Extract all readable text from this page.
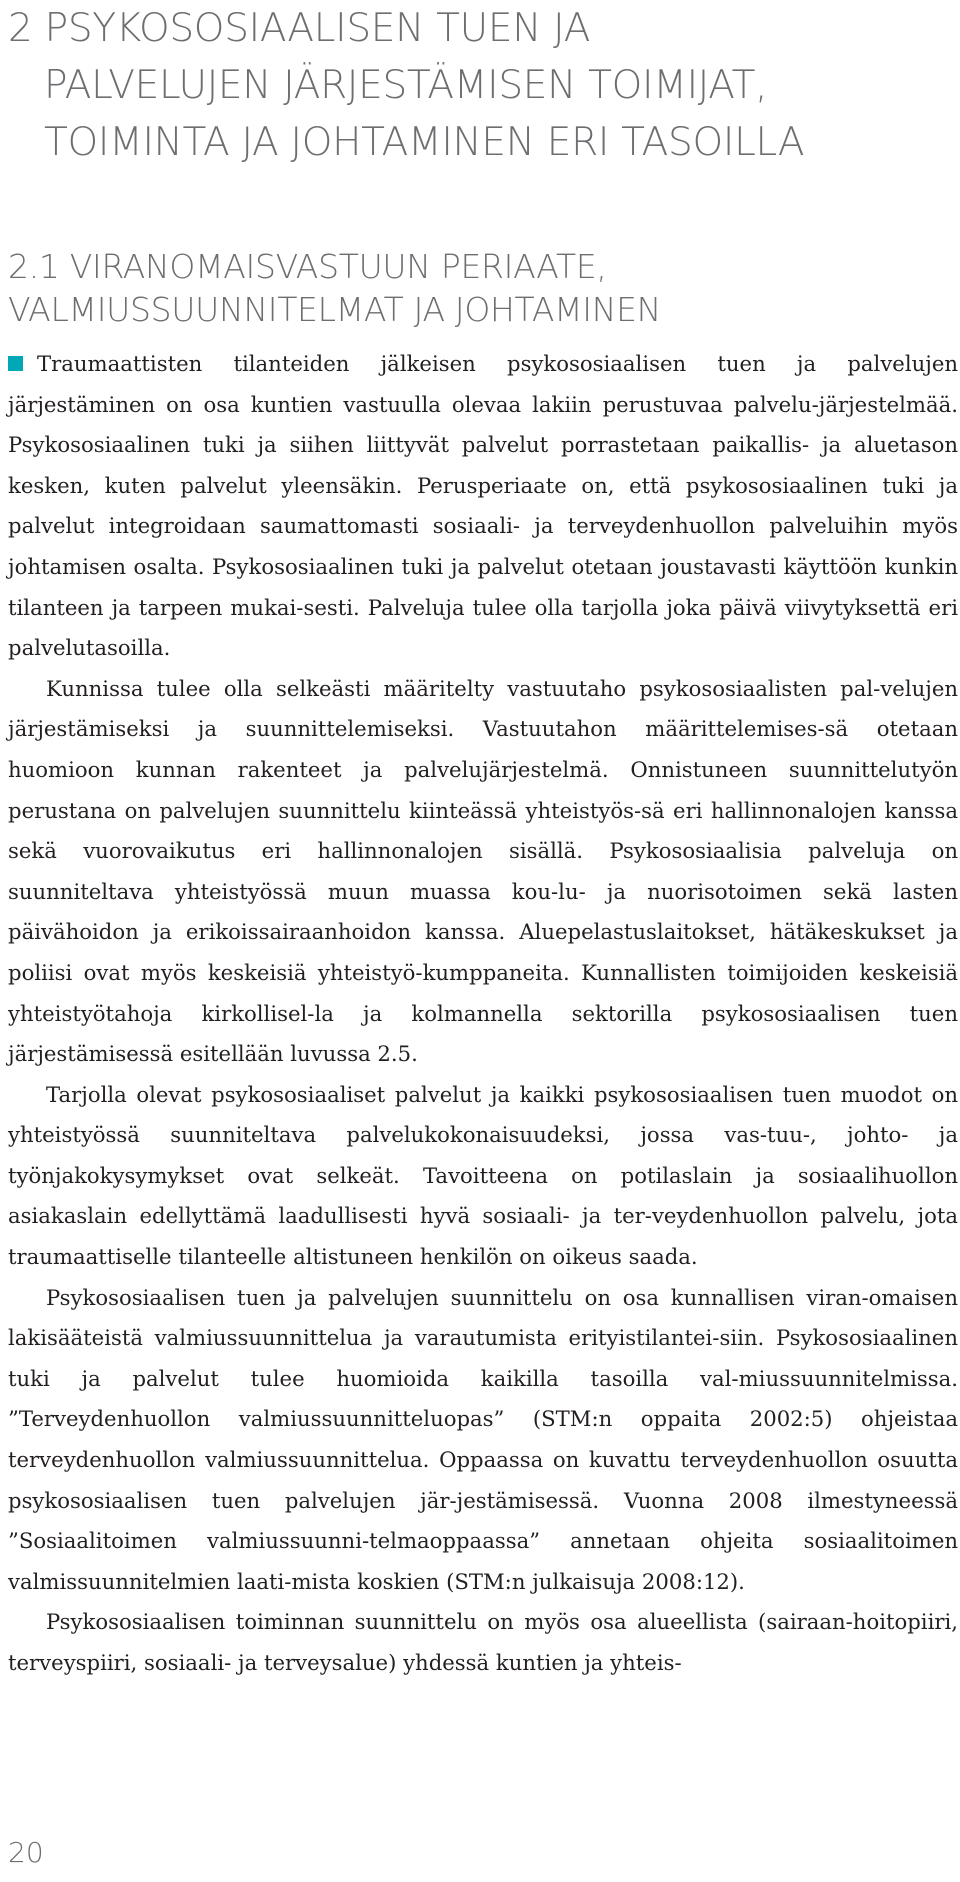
2 PSYKOSOSIAALISEN TUEN JA
PALVELUJEN JÄRJESTÄMISEN TOIMIJAT,
TOIMINTA JA JOHTAMINEN ERI TASOILLA
2.1 VIRANOMAISVASTUUN PERIAATE,
VALMIUSSUUNNITELMAT JA JOHTAMINEN

Traumaattisten tilanteiden jälkeisen psykososiaalisen tuen ja palvelujen järjestäminen on osa kuntien vastuulla olevaa lakiin perustuvaa palvelu-järjestelmää. Psykososiaalinen tuki ja siihen liittyvät palvelut porrastetaan paikallis- ja aluetason kesken, kuten palvelut yleensäkin. Perusperiaate on, että psykososiaalinen tuki ja palvelut integroidaan saumattomasti sosiaali- ja terveydenhuollon palveluihin myös johtamisen osalta. Psykososiaalinen tuki ja palvelut otetaan joustavasti käyttöön kunkin tilanteen ja tarpeen mukai-sesti. Palveluja tulee olla tarjolla joka päivä viivytyksettä eri palvelutasoilla.

Kunnissa tulee olla selkeästi määritelty vastuutaho psykososiaalisten pal-velujen järjestämiseksi ja suunnittelemiseksi. Vastuutahon määrittelemises-sä otetaan huomioon kunnan rakenteet ja palvelujärjestelmä. Onnistuneen suunnittelutyön perustana on palvelujen suunnittelu kiinteässä yhteistyös-sä eri hallinnonalojen kanssa sekä vuorovaikutus eri hallinnonalojen sisällä. Psykososiaalisia palveluja on suunniteltava yhteistyössä muun muassa kou-lu- ja nuorisotoimen sekä lasten päivähoidon ja erikoissairaanhoidon kanssa. Aluepelastuslaitokset, hätäkeskukset ja poliisi ovat myös keskeisiä yhteistyö-kumppaneita. Kunnallisten toimijoiden keskeisiä yhteistyötahoja kirkollisel-la ja kolmannella sektorilla psykososiaalisen tuen järjestämisessä esitellään luvussa 2.5.

Tarjolla olevat psykososiaaliset palvelut ja kaikki psykososiaalisen tuen muodot on yhteistyössä suunniteltava palvelukokonaisuudeksi, jossa vas-tuu-, johto- ja työnjakokysymykset ovat selkeät. Tavoitteena on potilaslain ja sosiaalihuollon asiakaslain edellyttämä laadullisesti hyvä sosiaali- ja ter-veydenhuollon palvelu, jota traumaattiselle tilanteelle altistuneen henkilön on oikeus saada.

Psykososiaalisen tuen ja palvelujen suunnittelu on osa kunnallisen viran-omaisen lakisääteistä valmiussuunnittelua ja varautumista erityistilantei-siin. Psykososiaalinen tuki ja palvelut tulee huomioida kaikilla tasoilla val-miussuunnitelmissa. ”Terveydenhuollon valmiussuunnitteluopas” (STM:n oppaita 2002:5) ohjeistaa terveydenhuollon valmiussuunnittelua. Oppaassa on kuvattu terveydenhuollon osuutta psykososiaalisen tuen palvelujen jär-jestämisessä. Vuonna 2008 ilmestyneessä ”Sosiaalitoimen valmiussuunni-telmaoppaassa” annetaan ohjeita sosiaalitoimen valmissuunnitelmien laati-mista koskien (STM:n julkaisuja 2008:12).

Psykososiaalisen toiminnan suunnittelu on myös osa alueellista (sairaan-hoitopiiri, terveyspiiri, sosiaali- ja terveysalue) yhdessä kuntien ja yhteis-

20
